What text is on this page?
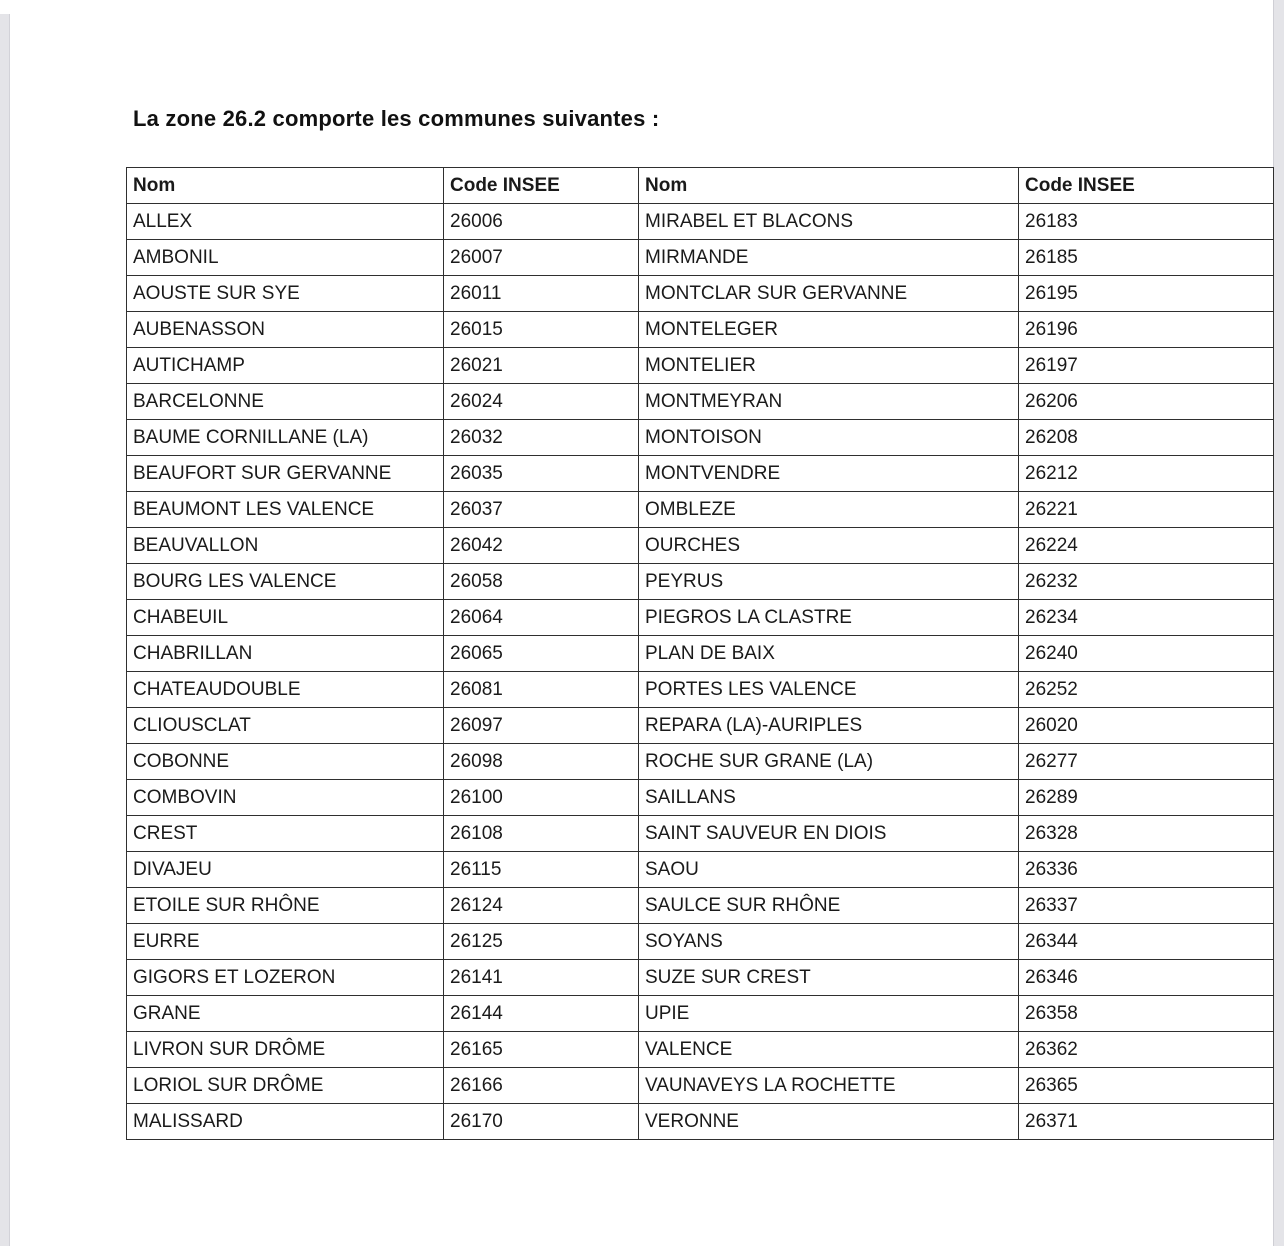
La zone 26.2 comporte les communes suivantes :
Nom	Code INSEE	Nom	Code INSEE
ALLEX	26006	MIRABEL ET BLACONS	26183
AMBONIL	26007	MIRMANDE	26185
AOUSTE SUR SYE	26011	MONTCLAR SUR GERVANNE	26195
AUBENASSON	26015	MONTELEGER	26196
AUTICHAMP	26021	MONTELIER	26197
BARCELONNE	26024	MONTMEYRAN	26206
BAUME CORNILLANE (LA)	26032	MONTOISON	26208
BEAUFORT SUR GERVANNE	26035	MONTVENDRE	26212
BEAUMONT LES VALENCE	26037	OMBLEZE	26221
BEAUVALLON	26042	OURCHES	26224
BOURG LES VALENCE	26058	PEYRUS	26232
CHABEUIL	26064	PIEGROS LA CLASTRE	26234
CHABRILLAN	26065	PLAN DE BAIX	26240
CHATEAUDOUBLE	26081	PORTES LES VALENCE	26252
CLIOUSCLAT	26097	REPARA (LA)-AURIPLES	26020
COBONNE	26098	ROCHE SUR GRANE (LA)	26277
COMBOVIN	26100	SAILLANS	26289
CREST	26108	SAINT SAUVEUR EN DIOIS	26328
DIVAJEU	26115	SAOU	26336
ETOILE SUR RHÔNE	26124	SAULCE SUR RHÔNE	26337
EURRE	26125	SOYANS	26344
GIGORS ET LOZERON	26141	SUZE SUR CREST	26346
GRANE	26144	UPIE	26358
LIVRON SUR DRÔME	26165	VALENCE	26362
LORIOL SUR DRÔME	26166	VAUNAVEYS LA ROCHETTE	26365
MALISSARD	26170	VERONNE	26371
